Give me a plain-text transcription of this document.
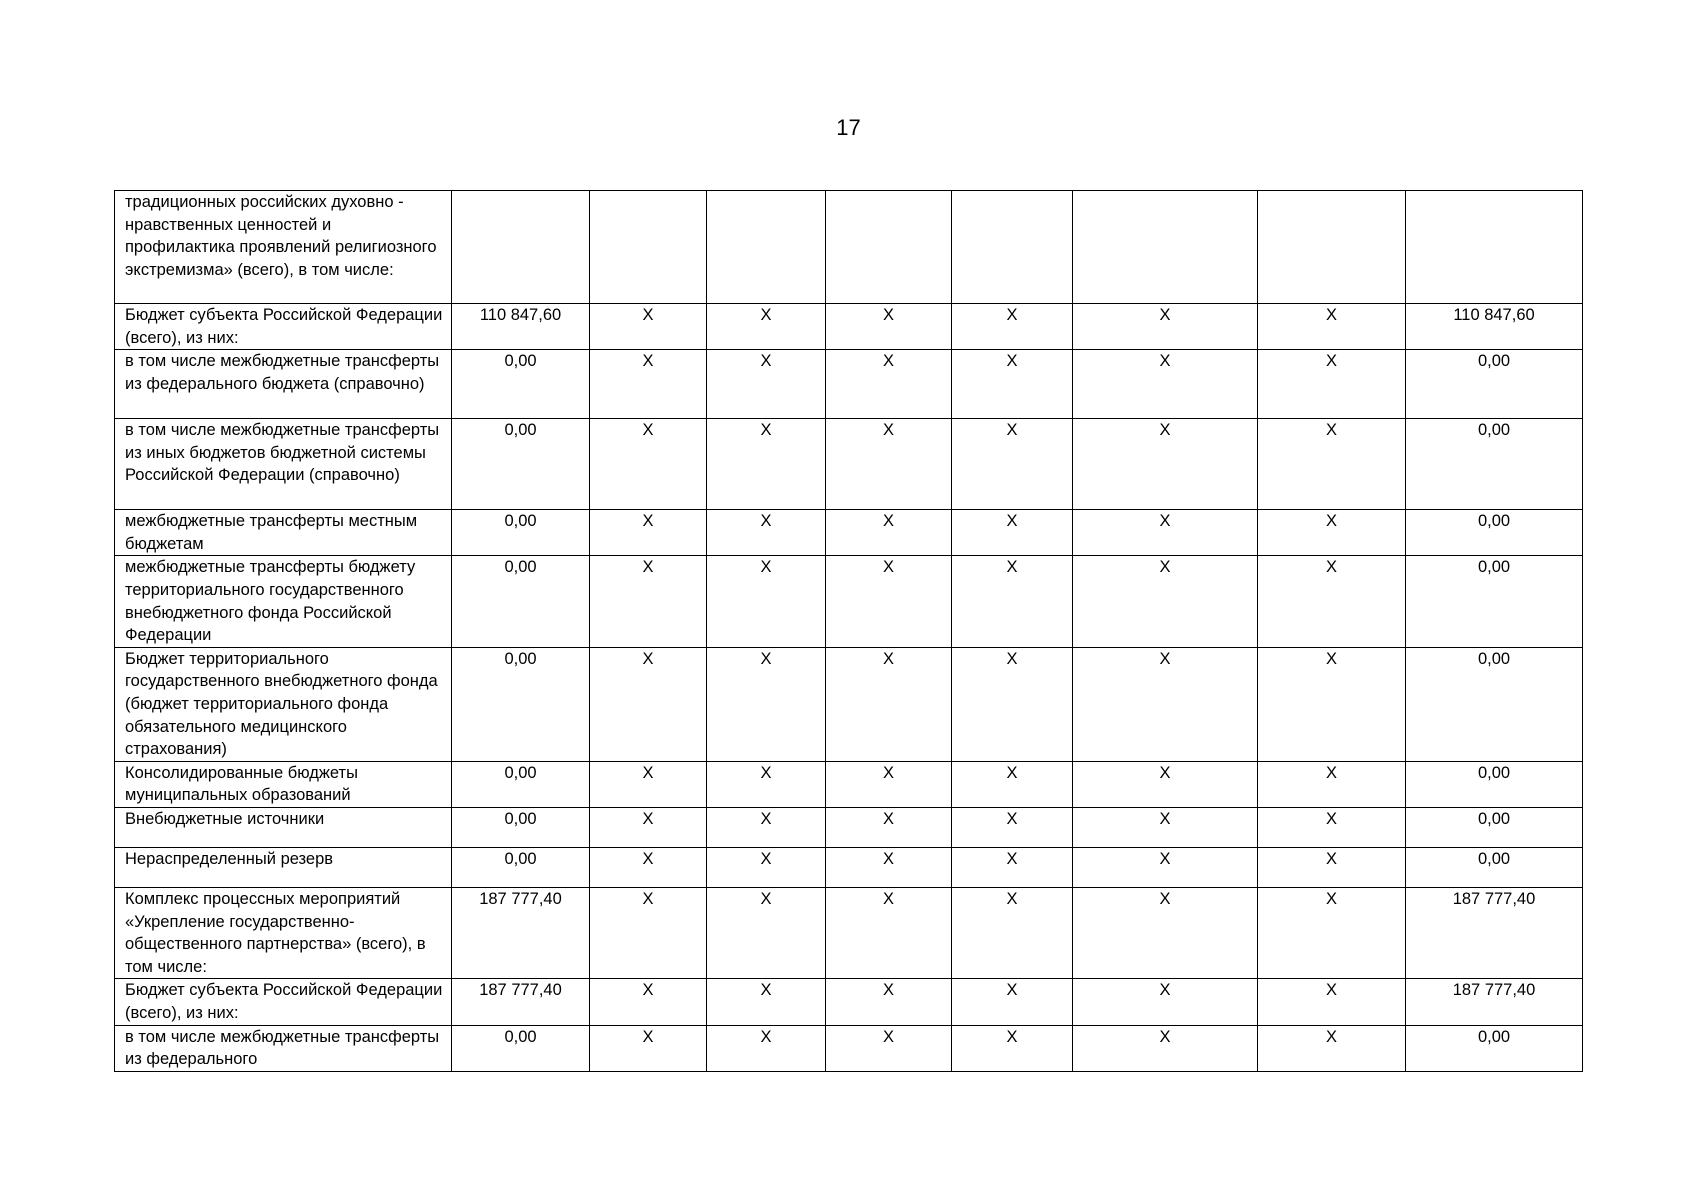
17
традиционных российских духовно - нравственных ценностей и профилактика проявлений религиозного экстремизма» (всего), в том числе:								
Бюджет субъекта Российской Федерации (всего), из них:	110 847,60	X	X	X	X	X	X	110 847,60
в том числе межбюджетные трансферты из федерального бюджета (справочно)	0,00	X	X	X	X	X	X	0,00
в том числе межбюджетные трансферты из иных бюджетов бюджетной системы Российской Федерации (справочно)	0,00	X	X	X	X	X	X	0,00
межбюджетные трансферты местным бюджетам	0,00	X	X	X	X	X	X	0,00
межбюджетные трансферты бюджету территориального государственного внебюджетного фонда Российской Федерации	0,00	X	X	X	X	X	X	0,00
Бюджет территориального государственного внебюджетного фонда (бюджет территориального фонда обязательного медицинского страхования)	0,00	X	X	X	X	X	X	0,00
Консолидированные бюджеты муниципальных образований	0,00	X	X	X	X	X	X	0,00
Внебюджетные источники	0,00	X	X	X	X	X	X	0,00
Нераспределенный резерв	0,00	X	X	X	X	X	X	0,00
Комплекс процессных мероприятий «Укрепление государственно-общественного партнерства» (всего), в том числе:	187 777,40	X	X	X	X	X	X	187 777,40
Бюджет субъекта Российской Федерации (всего), из них:	187 777,40	X	X	X	X	X	X	187 777,40
в том числе межбюджетные трансферты из федерального	0,00	X	X	X	X	X	X	0,00
